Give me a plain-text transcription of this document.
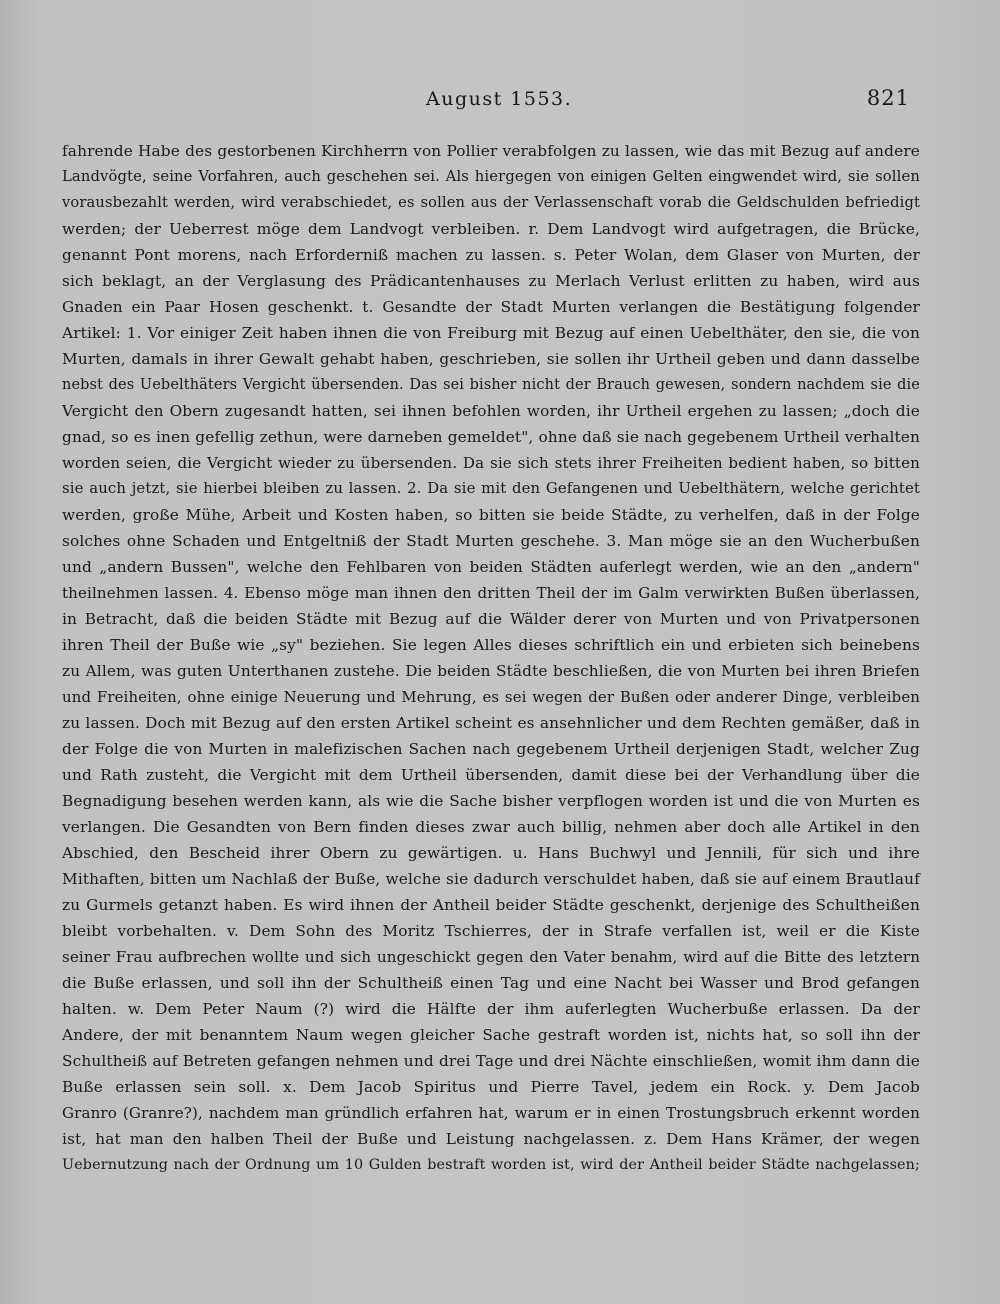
August 1553.	821
fahrende Habe des gestorbenen Kirchherrn von Pollier verabfolgen zu lassen, wie das mit Bezug auf andere
Landvögte, seine Vorfahren, auch geschehen sei. Als hiergegen von einigen Gelten eingwendet wird, sie sollen
vorausbezahlt werden, wird verabschiedet, es sollen aus der Verlassenschaft vorab die Geldschulden befriedigt
werden; der Ueberrest möge dem Landvogt verbleiben. r. Dem Landvogt wird aufgetragen, die Brücke,
genannt Pont morens, nach Erforderniß machen zu lassen. s. Peter Wolan, dem Glaser von Murten, der
sich beklagt, an der Verglasung des Prädicantenhauses zu Merlach Verlust erlitten zu haben, wird aus
Gnaden ein Paar Hosen geschenkt. t. Gesandte der Stadt Murten verlangen die Bestätigung folgender
Artikel: 1. Vor einiger Zeit haben ihnen die von Freiburg mit Bezug auf einen Uebelthäter, den sie, die von
Murten, damals in ihrer Gewalt gehabt haben, geschrieben, sie sollen ihr Urtheil geben und dann dasselbe
nebst des Uebelthäters Vergicht übersenden. Das sei bisher nicht der Brauch gewesen, sondern nachdem sie die
Vergicht den Obern zugesandt hatten, sei ihnen befohlen worden, ihr Urtheil ergehen zu lassen; „doch die
gnad, so es inen gefellig zethun, were darneben gemeldet", ohne daß sie nach gegebenem Urtheil verhalten
worden seien, die Vergicht wieder zu übersenden. Da sie sich stets ihrer Freiheiten bedient haben, so bitten
sie auch jetzt, sie hierbei bleiben zu lassen. 2. Da sie mit den Gefangenen und Uebelthätern, welche gerichtet
werden, große Mühe, Arbeit und Kosten haben, so bitten sie beide Städte, zu verhelfen, daß in der Folge
solches ohne Schaden und Entgeltniß der Stadt Murten geschehe. 3. Man möge sie an den Wucherbußen
und „andern Bussen", welche den Fehlbaren von beiden Städten auferlegt werden, wie an den „andern"
theilnehmen lassen. 4. Ebenso möge man ihnen den dritten Theil der im Galm verwirkten Bußen überlassen,
in Betracht, daß die beiden Städte mit Bezug auf die Wälder derer von Murten und von Privatpersonen
ihren Theil der Buße wie „sy" beziehen. Sie legen Alles dieses schriftlich ein und erbieten sich beinebens
zu Allem, was guten Unterthanen zustehe. Die beiden Städte beschließen, die von Murten bei ihren Briefen
und Freiheiten, ohne einige Neuerung und Mehrung, es sei wegen der Bußen oder anderer Dinge, verbleiben
zu lassen. Doch mit Bezug auf den ersten Artikel scheint es ansehnlicher und dem Rechten gemäßer, daß in
der Folge die von Murten in malefizischen Sachen nach gegebenem Urtheil derjenigen Stadt, welcher Zug
und Rath zusteht, die Vergicht mit dem Urtheil übersenden, damit diese bei der Verhandlung über die
Begnadigung besehen werden kann, als wie die Sache bisher verpflogen worden ist und die von Murten es
verlangen. Die Gesandten von Bern finden dieses zwar auch billig, nehmen aber doch alle Artikel in den
Abschied, den Bescheid ihrer Obern zu gewärtigen. u. Hans Buchwyl und Jennili, für sich und ihre
Mithaften, bitten um Nachlaß der Buße, welche sie dadurch verschuldet haben, daß sie auf einem Brautlauf
zu Gurmels getanzt haben. Es wird ihnen der Antheil beider Städte geschenkt, derjenige des Schultheißen
bleibt vorbehalten. v. Dem Sohn des Moritz Tschierres, der in Strafe verfallen ist, weil er die Kiste
seiner Frau aufbrechen wollte und sich ungeschickt gegen den Vater benahm, wird auf die Bitte des letztern
die Buße erlassen, und soll ihn der Schultheiß einen Tag und eine Nacht bei Wasser und Brod gefangen
halten. w. Dem Peter Naum (?) wird die Hälfte der ihm auferlegten Wucherbuße erlassen. Da der
Andere, der mit benanntem Naum wegen gleicher Sache gestraft worden ist, nichts hat, so soll ihn der
Schultheiß auf Betreten gefangen nehmen und drei Tage und drei Nächte einschließen, womit ihm dann die
Buße erlassen sein soll. x. Dem Jacob Spiritus und Pierre Tavel, jedem ein Rock. y. Dem Jacob
Granro (Granre?), nachdem man gründlich erfahren hat, warum er in einen Trostungsbruch erkennt worden
ist, hat man den halben Theil der Buße und Leistung nachgelassen. z. Dem Hans Krämer, der wegen
Uebernutzung nach der Ordnung um 10 Gulden bestraft worden ist, wird der Antheil beider Städte nachgelassen;
